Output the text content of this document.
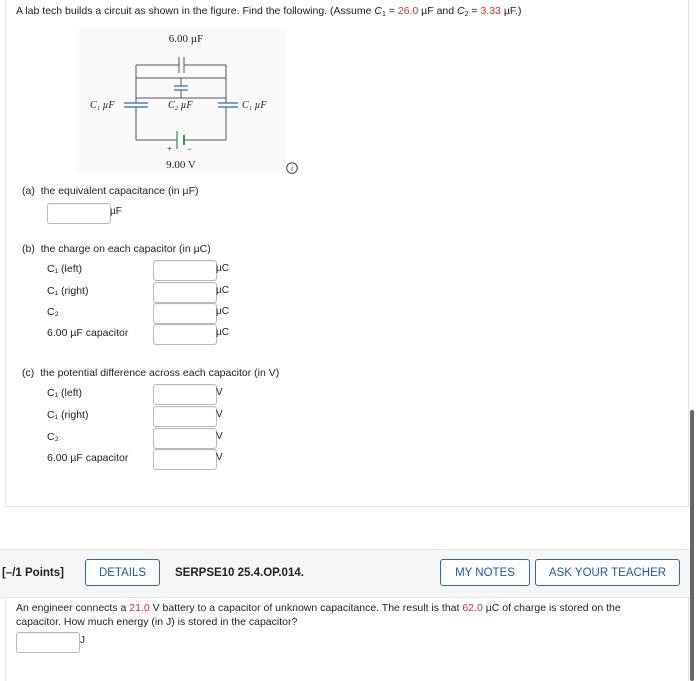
A lab tech builds a circuit as shown in the figure. Find the following. (Assume $C_1 = 26.0$ µF and $C_2 = 3.33$ µF.)
6.00 µF
C₁ µF	C₂ µF	C₁ µF
+ −
9.00 V	i
(a) the equivalent capacitance (in µF)
µF
(b) the charge on each capacitor (in µC)
C₁ (left)	µC
C₁ (right)	µC
C₂	µC
6.00 µF capacitor	µC
(c) the potential difference across each capacitor (in V)
C₁ (left)	V
C₁ (right)	V
C₂	V
6.00 µF capacitor	V
[–/1 Points]	DETAILS	SERPSE10 25.4.OP.014.	MY NOTES	ASK YOUR TEACHER
An engineer connects a 21.0 V battery to a capacitor of unknown capacitance. The result is that 62.0 µC of charge is stored on the
capacitor. How much energy (in J) is stored in the capacitor?
J
